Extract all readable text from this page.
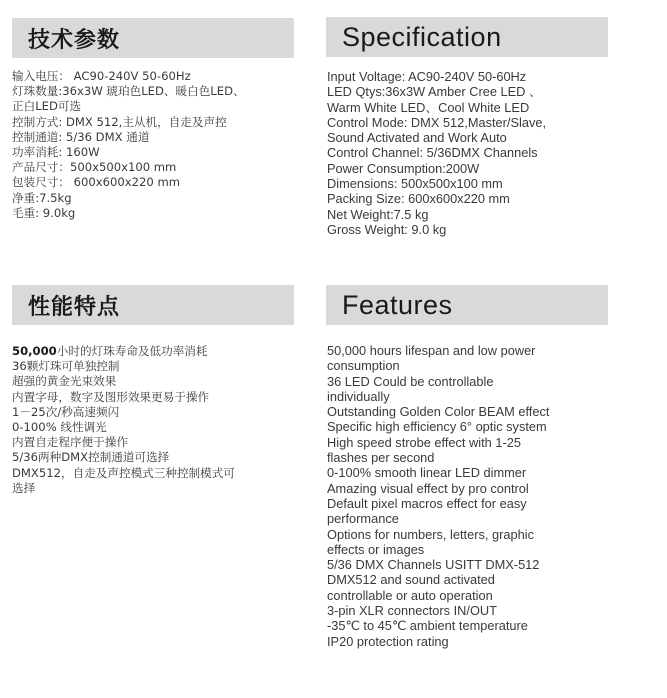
技术参数	Specification
输入电压： AC90-240V 50-60Hz
灯珠数量:36x3W 琥珀色LED、暖白色LED、
正白LED可选
控制方式: DMX 512,主从机，自走及声控
控制通道: 5/36 DMX 通道
功率消耗: 160W
产品尺寸：500x500x100 mm
包装尺寸： 600x600x220 mm
净重:7.5kg
毛重: 9.0kg
Input Voltage: AC90-240V 50-60Hz
LED Qtys:36x3W Amber Cree LED 、
Warm White LED、Cool White LED
Control Mode: DMX 512,Master/Slave,
Sound Activated and Work Auto
Control Channel: 5/36DMX Channels
Power Consumption:200W
Dimensions: 500x500x100 mm
Packing Size: 600x600x220 mm
Net Weight:7.5 kg
Gross Weight: 9.0 kg
性能特点	Features
50,000小时的灯珠寿命及低功率消耗
36颗灯珠可单独控制
超强的黄金光束效果
内置字母，数字及图形效果更易于操作
1－25次/秒高速频闪
0-100% 线性调光
内置自走程序便于操作
5/36两种DMX控制通道可选择
DMX512，自走及声控模式三种控制模式可
选择
50,000 hours lifespan and low power
consumption
36 LED Could be controllable
individually
Outstanding Golden Color BEAM effect
Specific high efficiency 6° optic system
High speed strobe effect with 1-25
flashes per second
0-100% smooth linear LED dimmer
Amazing visual effect by pro control
Default pixel macros effect for easy
performance
Options for numbers, letters, graphic
effects or images
5/36 DMX Channels USITT DMX-512
DMX512 and sound activated
controllable or auto operation
3-pin XLR connectors IN/OUT
-35℃ to 45℃ ambient temperature
IP20 protection rating
